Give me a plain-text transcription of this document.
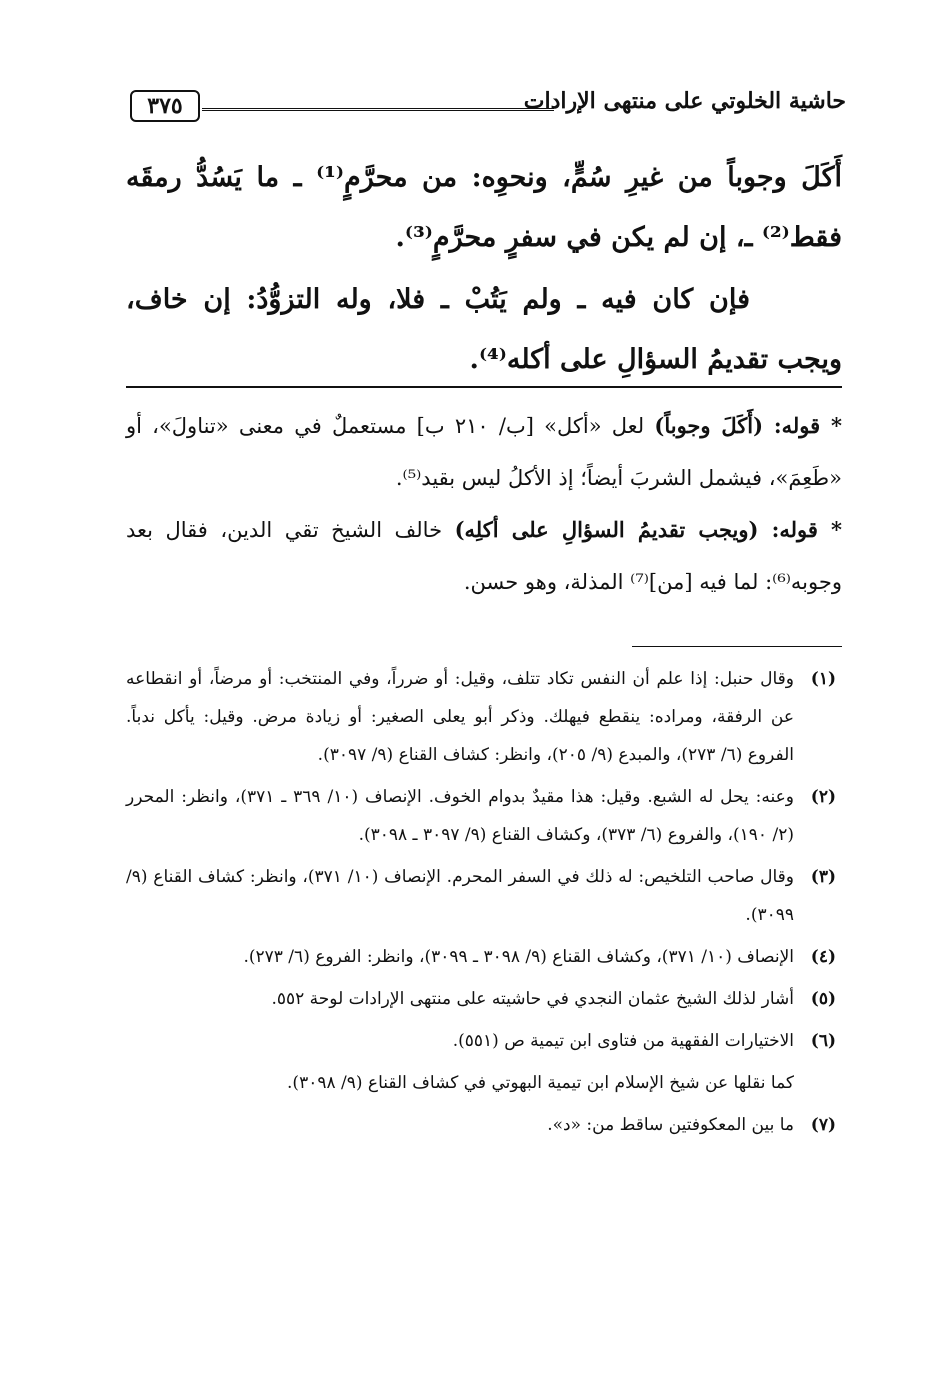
حاشية الخلوتي على منتهى الإرادات
٣٧٥

أَكَلَ وجوباً من غيرِ سُمٍّ، ونحوِه: من محرَّمٍ⁽¹⁾ ـ ما يَسُدُّ رمقَه فقط⁽²⁾ ـ، إن لم يكن في سفرٍ محرَّمٍ⁽³⁾.

فإن كان فيه ـ ولم يَتُبْ ـ فلا، وله التزوُّدُ: إن خاف، ويجب تقديمُ السؤالِ على أكله⁽⁴⁾.

* قوله: (أَكَلَ وجوباً) لعل «أكل» [ب/ ٢١٠ ب] مستعملٌ في معنى «تناولَ»، أو «طَعِمَ»، فيشمل الشربَ أيضاً؛ إذ الأكلُ ليس بقيد⁽⁵⁾.

* قوله: (ويجب تقديمُ السؤالِ على أكلِه) خالف الشيخ تقي الدين، فقال بعد وجوبه⁽⁶⁾: لما فيه [من]⁽⁷⁾ المذلة، وهو حسن.

(١)
وقال حنبل: إذا علم أن النفس تكاد تتلف، وقيل: أو ضرراً، وفي المنتخب: أو مرضاً، أو انقطاعه عن الرفقة، ومراده: ينقطع فيهلك. وذكر أبو يعلى الصغير: أو زيادة مرض. وقيل: يأكل ندباً. الفروع (٦/ ٢٧٣)، والمبدع (٩/ ٢٠٥)، وانظر: كشاف القناع (٩/ ٣٠٩٧).
(٢)
وعنه: يحل له الشبع. وقيل: هذا مقيدٌ بدوام الخوف. الإنصاف (١٠/ ٣٦٩ ـ ٣٧١)، وانظر: المحرر (٢/ ١٩٠)، والفروع (٦/ ٣٧٣)، وكشاف القناع (٩/ ٣٠٩٧ ـ ٣٠٩٨).
(٣)
وقال صاحب التلخيص: له ذلك في السفر المحرم. الإنصاف (١٠/ ٣٧١)، وانظر: كشاف القناع (٩/ ٣٠٩٩).
(٤)
الإنصاف (١٠/ ٣٧١)، وكشاف القناع (٩/ ٣٠٩٨ ـ ٣٠٩٩)، وانظر: الفروع (٦/ ٢٧٣).
(٥)
أشار لذلك الشيخ عثمان النجدي في حاشيته على منتهى الإرادات لوحة ٥٥٢.
(٦)
الاختيارات الفقهية من فتاوى ابن تيمية ص (٥٥١).
كما نقلها عن شيخ الإسلام ابن تيمية البهوتي في كشاف القناع (٩/ ٣٠٩٨).
(٧)
ما بين المعكوفتين ساقط من: «د».
